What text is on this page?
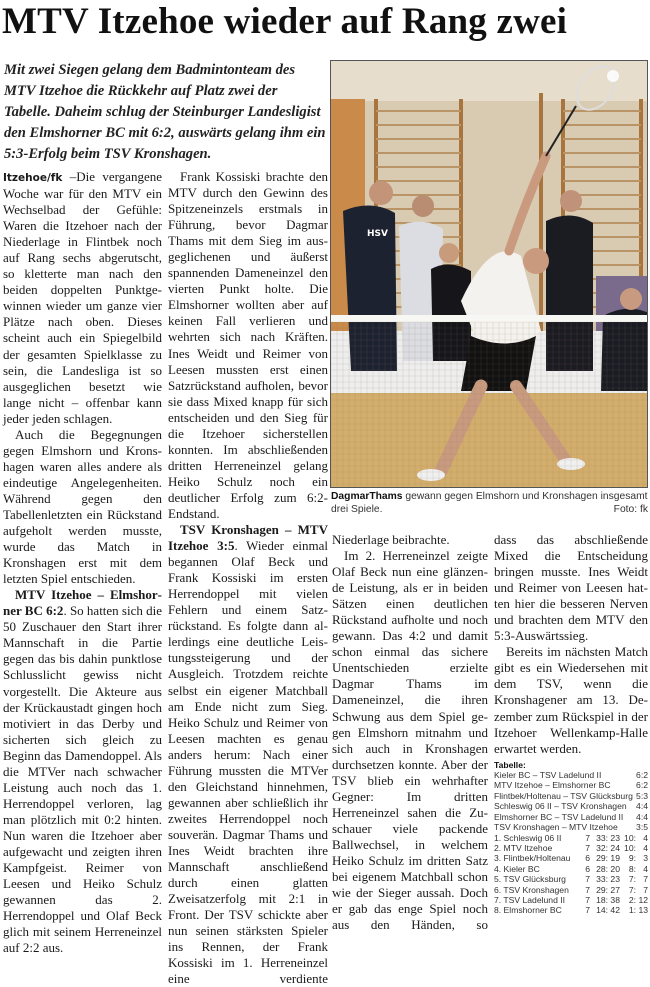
MTV Itzehoe wieder auf Rang zwei

Mit zwei Siegen gelang dem Badmintonteam des MTV Itzehoe die Rückkehr auf Platz zwei der Tabelle. Daheim schlug der Steinburger Landesligist den Elmshorner BC mit 6:2, auswärts gelang ihm ein 5:3-Erfolg beim TSV Kronshagen.

Itzehoe/fk –Die vergangene Woche war für den MTV ein Wechselbad der Gefühle: Waren die Itzehoer nach der Niederlage in Flintbek noch auf Rang sechs abgerutscht, so kletterte man nach den beiden doppelten Punktgewinnen wieder um ganze vier Plätze nach oben. Dieses scheint auch ein Spiegelbild der gesamten Spielklasse zu sein, die Landesliga ist so ausgeglichen besetzt wie lange nicht – offenbar kann jeder jeden schlagen.

Auch die Begegnungen gegen Elmshorn und Kronshagen waren alles andere als eindeutige Angelegenheiten. Während gegen den Tabellenletzten ein Rückstand aufgeholt werden musste, wurde das Match in Kronshagen erst mit dem letzten Spiel entschieden.

MTV Itzehoe – Elmshorner BC 6:2. So hatten sich die 50 Zuschauer den Start ihrer Mannschaft in die Partie gegen das bis dahin punktlose Schlusslicht gewiss nicht vorgestellt. Die Akteure aus der Krückaustadt gingen hoch motiviert in das Derby und sicherten sich gleich zu Beginn das Damendoppel. Als die MTVer nach schwacher Leistung auch noch das 1. Herrendoppel verloren, lag man plötzlich mit 0:2 hinten. Nun waren die Itzehoer aber aufgewacht und zeigten ihren Kampfgeist. Reimer von Leesen und Heiko Schulz gewannen das 2. Herrendoppel und Olaf Beck glich mit seinem Herreneinzel auf 2:2 aus.

Frank Kossiski brachte den MTV durch den Gewinn des Spitzeneinzels erstmals in Führung, bevor Dagmar Thams mit dem Sieg im ausgeglichenen und äußerst spannenden Dameneinzel den vierten Punkt holte. Die Elmshorner wollten aber auf keinen Fall verlieren und wehrten sich nach Kräften. Ines Weidt und Reimer von Leesen mussten erst einen Satzrückstand aufholen, bevor sie dass Mixed knapp für sich entscheiden und den Sieg für die Itzehoer sicherstellen konnten. Im abschließenden dritten Herreneinzel gelang Heiko Schulz noch ein deutlicher Erfolg zum 6:2-Endstand.

TSV Kronshagen – MTV Itzehoe 3:5. Wieder einmal begannen Olaf Beck und Frank Kossiski im ersten Herrendoppel mit vielen Fehlern und einem Satzrückstand. Es folgte dann allerdings eine deutliche Leistungssteigerung und der Ausgleich. Trotzdem reichte selbst ein eigener Matchball am Ende nicht zum Sieg. Heiko Schulz und Reimer von Leesen machten es genau anders herum: Nach einer Führung mussten die MTVer den Gleichstand hinnehmen, gewannen aber schließlich ihr zweites Herrendoppel noch souverän. Dagmar Thams und Ines Weidt brachten ihre Mannschaft anschließend durch einen glatten Zweisatzerfolg mit 2:1 in Front. Der TSV schickte aber nun seinen stärksten Spieler ins Rennen, der Frank Kossiski im 1. Herreneinzel eine verdiente

HSV
DagmarThams gewann gegen Elmshorn und Kronshagen insgesamt drei Spiele.	Foto: fk

Niederlage beibrachte.

Im 2. Herreneinzel zeigte Olaf Beck nun eine glänzende Leistung, als er in beiden Sätzen einen deutlichen Rückstand aufholte und noch gewann. Das 4:2 und damit schon einmal das sichere Unentschieden erzielte Dagmar Thams im Dameneinzel, die ihren Schwung aus dem Spiel gegen Elmshorn mitnahm und sich auch in Kronshagen durchsetzen konnte. Aber der TSV blieb ein wehrhafter Gegner: Im dritten Herreneinzel sahen die Zuschauer viele packende Ballwechsel, in welchem Heiko Schulz im dritten Satz bei eigenem Matchball schon wie der Sieger aussah. Doch er gab das enge Spiel noch aus den Händen, so

dass das abschließende Mixed die Entscheidung bringen musste. Ines Weidt und Reimer von Leesen hatten hier die besseren Nerven und brachten dem MTV den 5:3-Auswärtssieg.

Bereits im nächsten Match gibt es ein Wiedersehen mit dem TSV, wenn die Kronshagener am 13. Dezember zum Rückspiel in der Itzehoer Wellenkamp-Halle erwartet werden.

Tabelle:
Kieler BC – TSV Ladelund II	6:2
MTV Itzehoe – Elmshorner BC	6:2
Flintbek/Holtenau – TSV Glücksburg 5:3
Schleswig 06 II – TSV Kronshagen 4:4
Elmshorner BC – TSV Ladelund II 4:4
TSV Kronshagen – MTV Itzehoe 3:5
1. Schleswig 06 II	7 33: 23 10: 4
2. MTV Itzehoe	7 32: 24 10: 4
3. Flintbek/Holtenau	6 29: 19	9: 3
4. Kieler BC	6 28: 20	8: 4
5. TSV Glücksburg	7 33: 23	7: 7
6. TSV Kronshagen	7 29: 27	7: 7
7. TSV Ladelund II	7 18: 38	2: 12
8. Elmshorner BC	7 14: 42	1: 13
